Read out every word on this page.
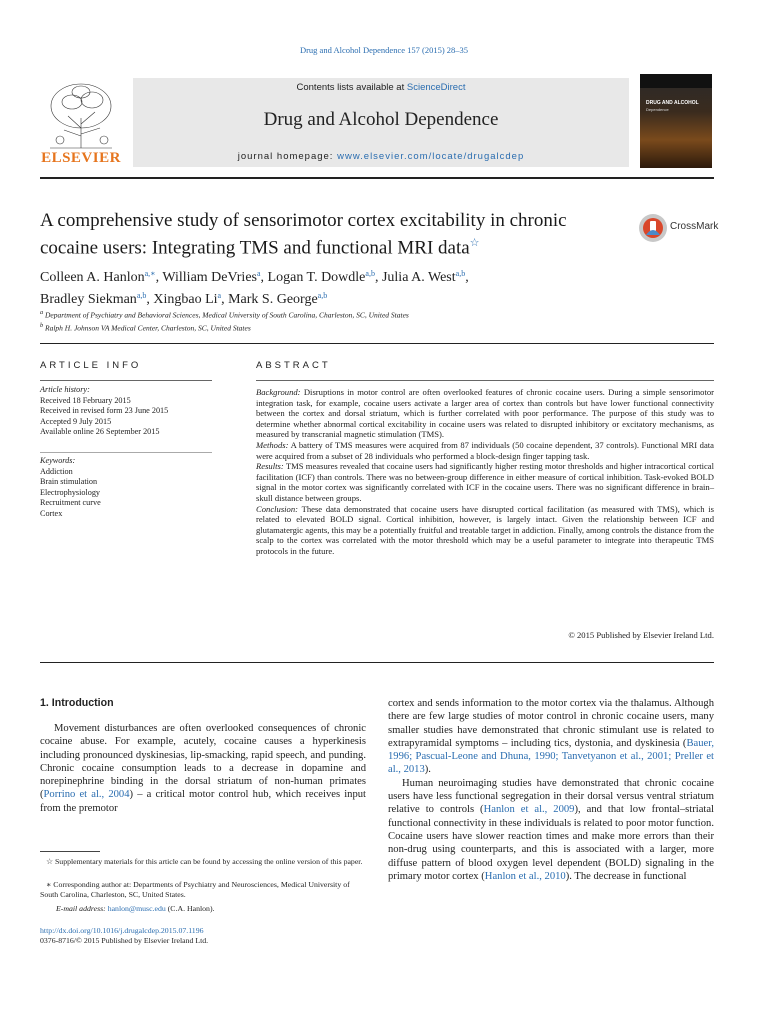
Drug and Alcohol Dependence 157 (2015) 28–35
ELSEVIER
Contents lists available at ScienceDirect
Drug and Alcohol Dependence
journal homepage: www.elsevier.com/locate/drugalcdep
DRUG AND ALCOHOL
Dependence
A comprehensive study of sensorimotor cortex excitability in chronic
cocaine users: Integrating TMS and functional MRI data☆
CrossMark
Colleen A. Hanlon$^{a,∗}$, William DeVries$^a$, Logan T. Dowdle$^{a,b}$, Julia A. West$^{a,b}$,
Bradley Siekman$^{a,b}$, Xingbao Li$^a$, Mark S. George$^{a,b}$
$^a$ Department of Psychiatry and Behavioral Sciences, Medical University of South Carolina, Charleston, SC, United States
$^b$ Ralph H. Johnson VA Medical Center, Charleston, SC, United States
ARTICLE INFO	ABSTRACT
Article history:
Received 18 February 2015
Received in revised form 23 June 2015
Accepted 9 July 2015
Available online 26 September 2015
Keywords:
Addiction
Brain stimulation
Electrophysiology
Recruitment curve
Cortex

Background: Disruptions in motor control are often overlooked features of chronic cocaine users. During a simple sensorimotor integration task, for example, cocaine users activate a larger area of cortex than controls but have lower functional connectivity between the cortex and dorsal striatum, which is further correlated with poor performance. The purpose of this study was to determine whether abnormal cortical excitability in cocaine users was related to disrupted inhibitory or excitatory mechanisms, as measured by transcranial magnetic stimulation (TMS).

Methods: A battery of TMS measures were acquired from 87 individuals (50 cocaine dependent, 37 controls). Functional MRI data were acquired from a subset of 28 individuals who performed a block-design finger tapping task.

Results: TMS measures revealed that cocaine users had significantly higher resting motor thresholds and higher intracortical cortical facilitation (ICF) than controls. There was no between-group difference in either measure of cortical inhibition. Task-evoked BOLD signal in the motor cortex was significantly correlated with ICF in the cocaine users. There was no significant difference in brain–skull distance between groups.

Conclusion: These data demonstrated that cocaine users have disrupted cortical facilitation (as measured with TMS), which is related to elevated BOLD signal. Cortical inhibition, however, is largely intact. Given the relationship between ICF and glutamatergic agents, this may be a potentially fruitful and treatable target in addiction. Finally, among controls the distance from the scalp to the cortex was correlated with the motor threshold which may be a useful parameter to integrate into therapeutic TMS protocols in the future.

© 2015 Published by Elsevier Ireland Ltd.
1. Introduction

Movement disturbances are often overlooked consequences of chronic cocaine abuse. For example, acutely, cocaine causes a hyperkinesis including pronounced dyskinesias, lip-smacking, rapid speech, and punding. Chronic cocaine consumption leads to a decrease in dopamine and norepinephrine binding in the dorsal striatum of non-human primates (Porrino et al., 2004) – a critical motor control hub, which receives input from the premotor

cortex and sends information to the motor cortex via the thalamus. Although there are few large studies of motor control in chronic cocaine users, many smaller studies have demonstrated that chronic stimulant use is related to extrapyramidal symptoms – including tics, dystonia, and dyskinesia (Bauer, 1996; Pascual-Leone and Dhuna, 1990; Tanvetyanon et al., 2001; Preller et al., 2013).

Human neuroimaging studies have demonstrated that chronic cocaine users have less functional segregation in their dorsal versus ventral striatum relative to controls (Hanlon et al., 2009), and that low frontal–striatal functional connectivity in these individuals is related to poor motor function. Cocaine users have slower reaction times and make more errors than their non-drug using counterparts, and this is associated with a larger, more diffuse pattern of blood oxygen level dependent (BOLD) signaling in the primary motor cortex (Hanlon et al., 2010). The decrease in functional

☆ Supplementary materials for this article can be found by accessing the online version of this paper.
∗ Corresponding author at: Departments of Psychiatry and Neurosciences, Medical University of South Carolina, Charleston, SC, United States.
E-mail address: hanlon@musc.edu (C.A. Hanlon).
http://dx.doi.org/10.1016/j.drugalcdep.2015.07.1196
0376-8716/© 2015 Published by Elsevier Ireland Ltd.
